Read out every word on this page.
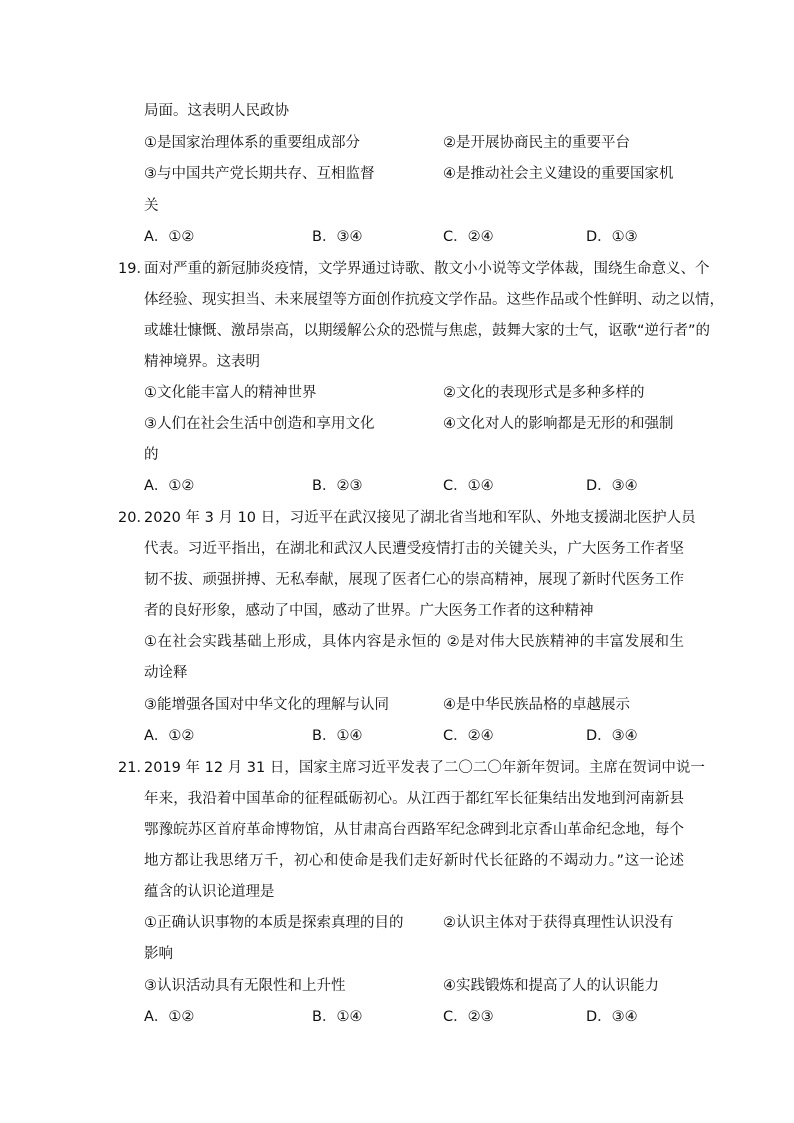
局面。这表明人民政协
①是国家治理体系的重要组成部分	②是开展协商民主的重要平台
③与中国共产党长期共存、互相监督	④是推动社会主义建设的重要国家机
关
A．①②	B．③④	C．②④	D．①③
19．
面对严重的新冠肺炎疫情，文学界通过诗歌、散文小小说等文学体裁，围绕生命意义、个
体经验、现实担当、未来展望等方面创作抗疫文学作品。这些作品或个性鲜明、动之以情，
或雄壮慷慨、激昂崇高，以期缓解公众的恐慌与焦虑，鼓舞大家的士气，讴歌“逆行者”的
精神境界。这表明
①文化能丰富人的精神世界	②文化的表现形式是多种多样的
③人们在社会生活中创造和享用文化	④文化对人的影响都是无形的和强制
的
A．①②	B．②③	C．①④	D．③④
20．
2020 年 3 月 10 日，习近平在武汉接见了湖北省当地和军队、外地支援湖北医护人员
代表。习近平指出，在湖北和武汉人民遭受疫情打击的关键关头，广大医务工作者坚
韧不拔、顽强拼搏、无私奉献，展现了医者仁心的崇高精神，展现了新时代医务工作
者的良好形象，感动了中国，感动了世界。广大医务工作者的这种精神
①在社会实践基础上形成，具体内容是永恒的 ②是对伟大民族精神的丰富发展和生
动诠释
③能增强各国对中华文化的理解与认同	④是中华民族品格的卓越展示
A．①②	B．①④	C．②④	D．③④
21．
2019 年 12 月 31 日，国家主席习近平发表了二〇二〇年新年贺词。主席在贺词中说一
年来，我沿着中国革命的征程砥砺初心。从江西于都红军长征集结出发地到河南新县
鄂豫皖苏区首府革命博物馆，从甘肃高台西路军纪念碑到北京香山革命纪念地，每个
地方都让我思绪万千，初心和使命是我们走好新时代长征路的不竭动力。”这一论述
蕴含的认识论道理是
①正确认识事物的本质是探索真理的目的	②认识主体对于获得真理性认识没有
影响
③认识活动具有无限性和上升性	④实践锻炼和提高了人的认识能力
A．①②	B．①④	C．②③	D．③④
